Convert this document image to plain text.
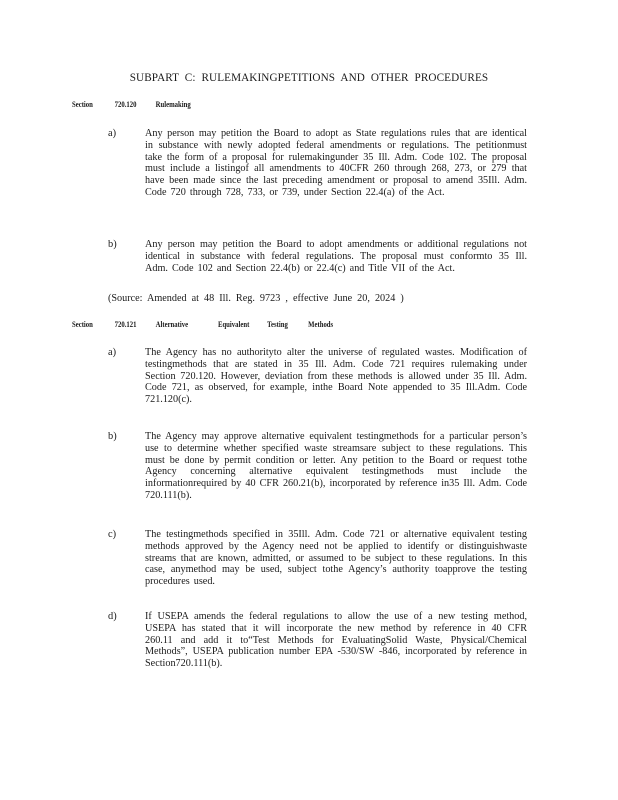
SUBPART C: RULEMAKINGPETITIONS AND OTHER PROCEDURES
Section	720.120 Rulemaking
a)	Any person may petition the Board to adopt as State regulations rules that are identical in substance with newly adopted federal amendments or regulations. The petitionmust take the form of a proposal for rulemakingunder 35 Ill. Adm. Code 102. The proposal must include a listingof all amendments to 40CFR 260 through 268, 273, or 279 that have been made since the last preceding amendment or proposal to amend 35Ill. Adm. Code 720 through 728, 733, or 739, under Section 22.4(a) of the Act.
b)	Any person may petition the Board to adopt amendments or additional regulations not identical in substance with federal regulations. The proposal must conformto 35 Ill. Adm. Code 102 and Section 22.4(b) or 22.4(c) and Title VII of the Act.
(Source: Amended at 48 Ill. Reg. 9723 , effective June 20, 2024 )
Section	720.121 Alternative	Equivalent Testing Methods
a)	The Agency has no authorityto alter the universe of regulated wastes. Modification of testingmethods that are stated in 35 Ill. Adm. Code 721 requires rulemaking under Section 720.120. However, deviation from these methods is allowed under 35 Ill. Adm. Code 721, as observed, for example, inthe Board Note appended to 35 Ill.Adm. Code 721.120(c).
b)	The Agency may approve alternative equivalent testingmethods for a particular person’s use to determine whether specified waste streamsare subject to these regulations. This must be done by permit condition or letter. Any petition to the Board or request tothe Agency concerning alternative equivalent testingmethods must include the informationrequired by 40 CFR 260.21(b), incorporated by reference in35 Ill. Adm. Code 720.111(b).
c)	The testingmethods specified in 35Ill. Adm. Code 721 or alternative equivalent testing methods approved by the Agency need not be applied to identify or distinguishwaste streams that are known, admitted, or assumed to be subject to these regulations. In this case, anymethod may be used, subject tothe Agency’s authority toapprove the testing procedures used.
d)	If USEPA amends the federal regulations to allow the use of a new testing method, USEPA has stated that it will incorporate the new method by reference in 40 CFR 260.11 and add it to“Test Methods for EvaluatingSolid Waste, Physical/Chemical Methods”, USEPA publication number EPA -530/SW -846, incorporated by reference in Section720.111(b).
